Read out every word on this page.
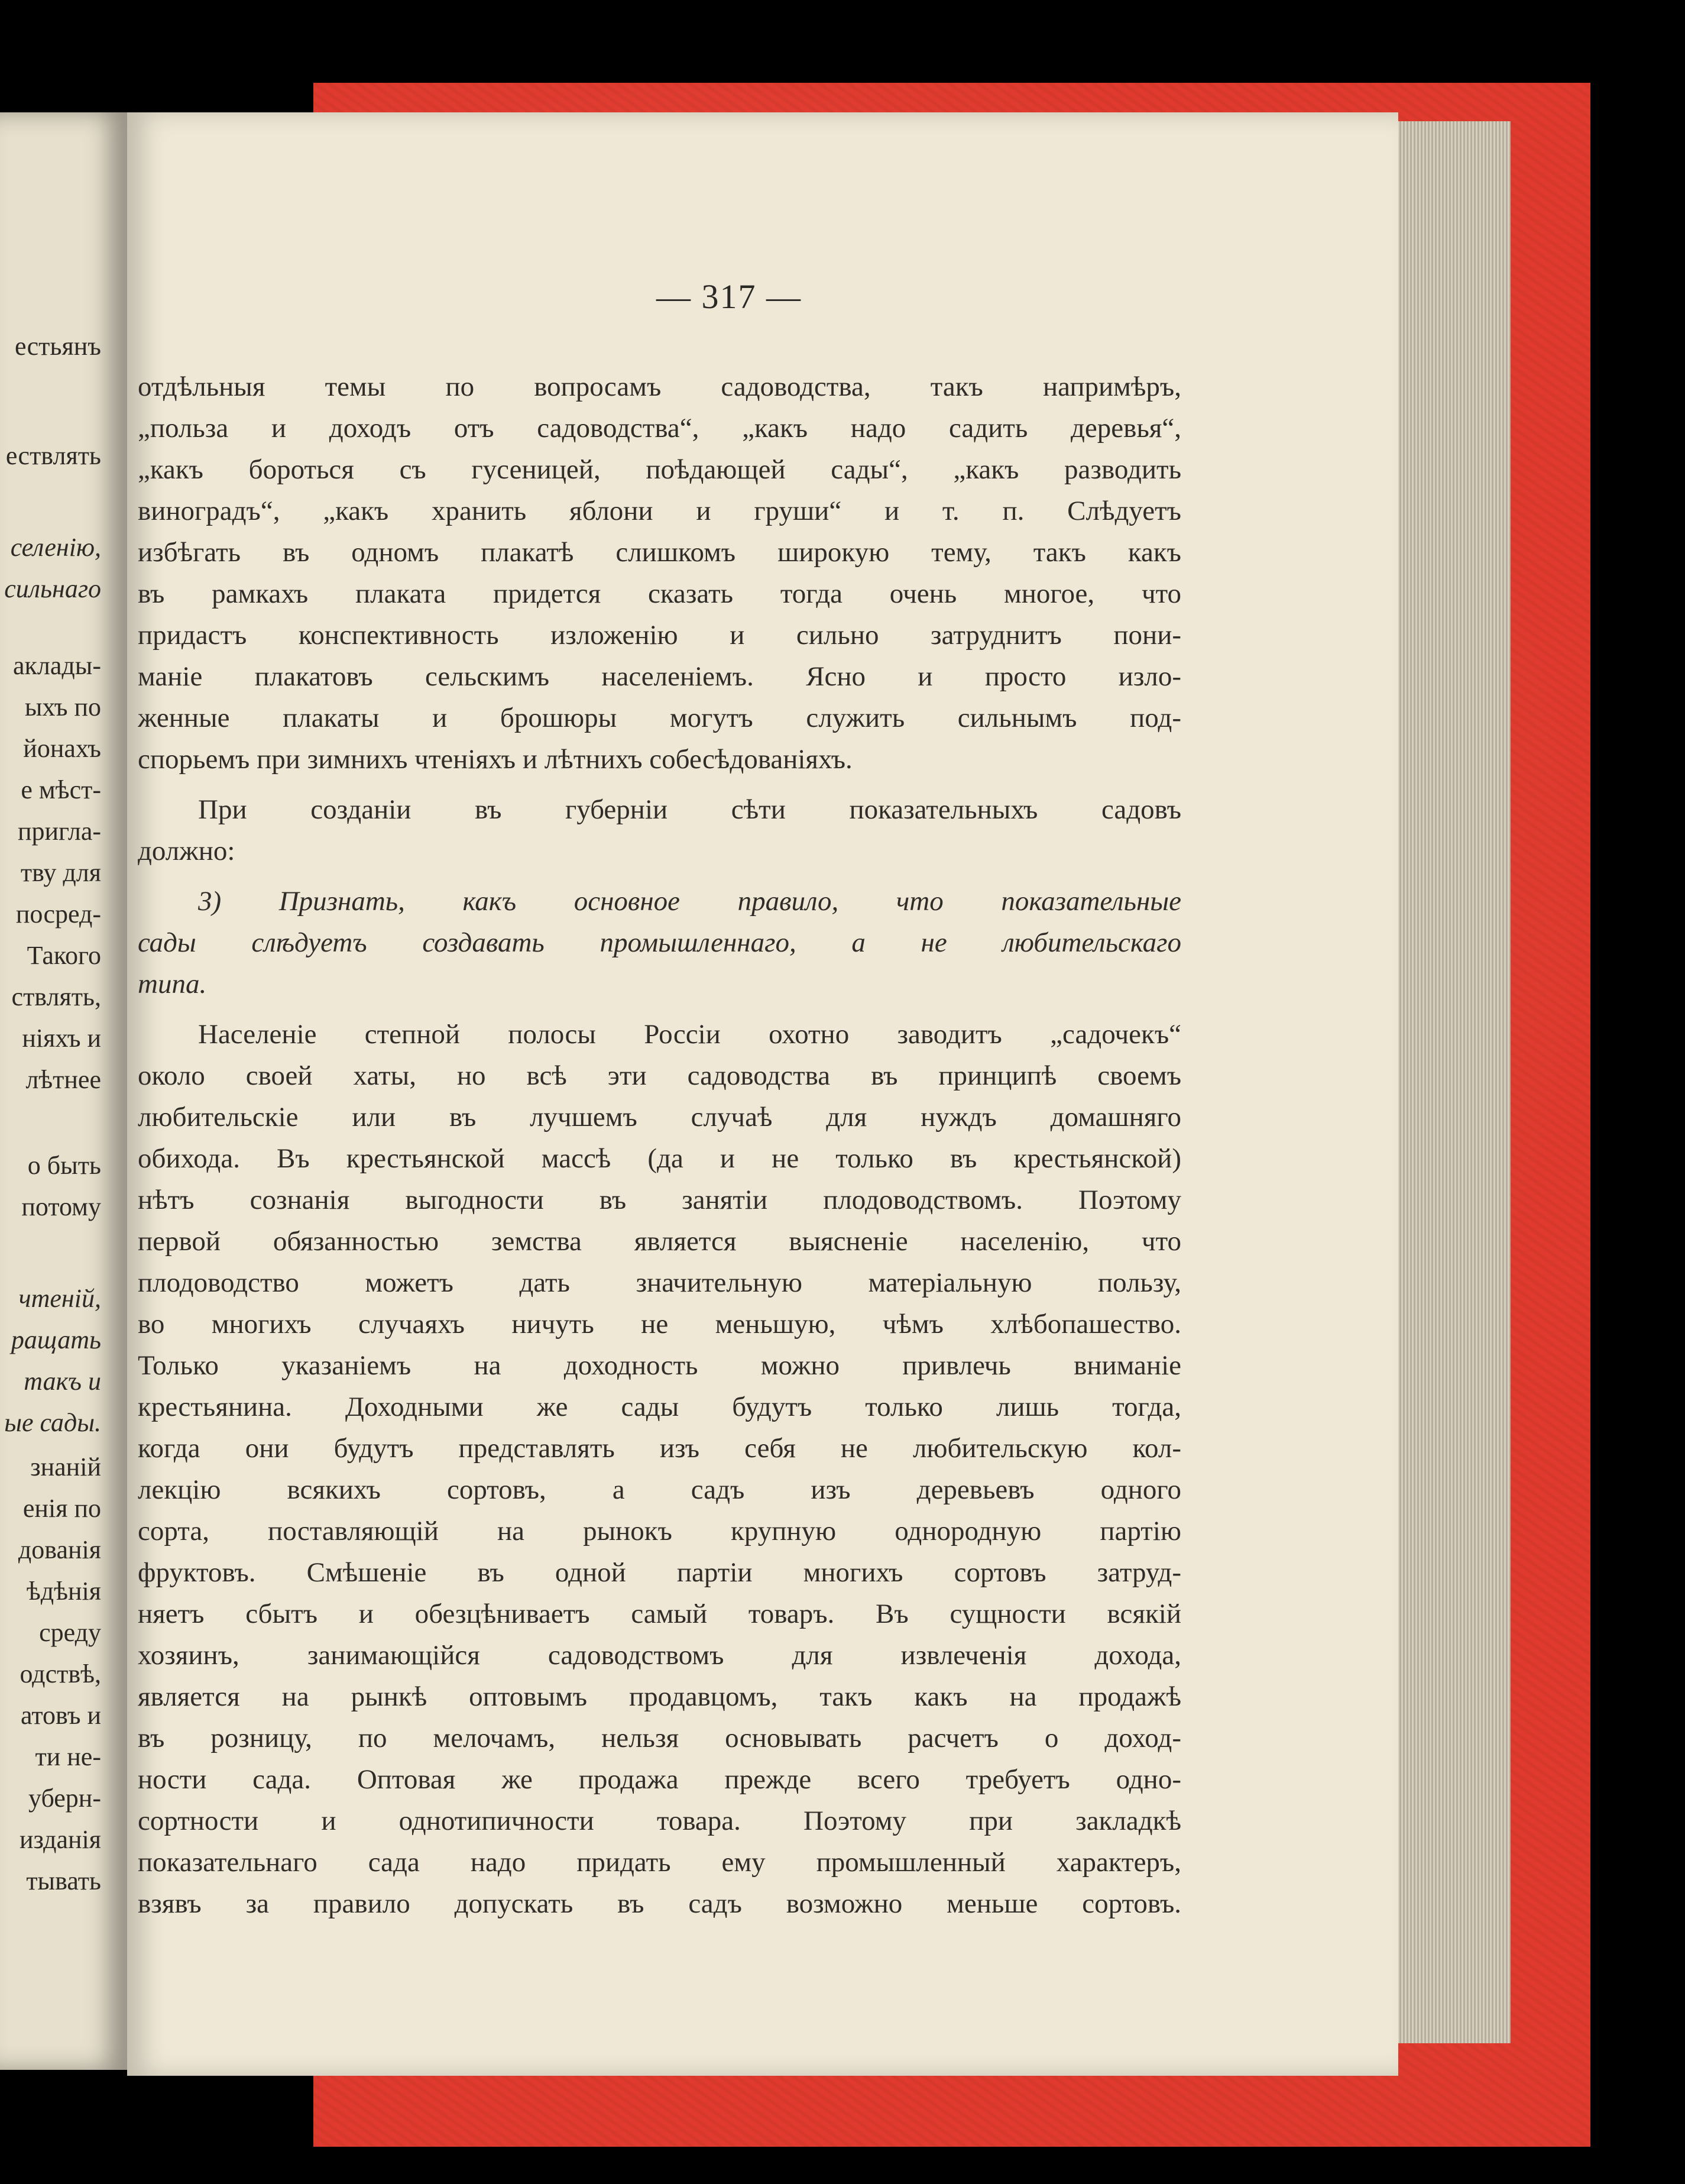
естьянъ
ествлять
селенію,
сильнаго
аклады-
ыхъ по
йонахъ
е мѣст-
пригла-
тву для
посред-
Такого
ствлять,
ніяхъ и
лѣтнее
о быть
потому
чтеній,
ращать
такъ и
ые сады.
знаній
енія по
дованія
ѣдѣнія
среду
одствѣ,
атовъ и
ти не-
уберн-
изданія
тывать
— 317 —
отдѣльныя темы по вопросамъ садоводства, такъ напримѣръ,
„польза и доходъ отъ садоводства“, „какъ надо садить деревья“,
„какъ бороться съ гусеницей, поѣдающей сады“, „какъ разводить
виноградъ“, „какъ хранить яблони и груши“ и т. п. Слѣдуетъ
избѣгать въ одномъ плакатѣ слишкомъ широкую тему, такъ какъ
въ рамкахъ плаката придется сказать тогда очень многое, что
придастъ конспективность изложенію и сильно затруднитъ пони-
маніе плакатовъ сельскимъ населеніемъ. Ясно и просто изло-
женные плакаты и брошюры могутъ служить сильнымъ под-
спорьемъ при зимнихъ чтеніяхъ и лѣтнихъ собесѣдованіяхъ.
При созданіи въ губерніи сѣти показательныхъ садовъ
должно:
3) Признать, какъ основное правило, что показательные
сады слѣдуетъ создавать промышленнаго, а не любительскаго
типа.
Населеніе степной полосы Россіи охотно заводитъ „садочекъ“
около своей хаты, но всѣ эти садоводства въ принципѣ своемъ
любительскіе или въ лучшемъ случаѣ для нуждъ домашняго
обихода. Въ крестьянской массѣ (да и не только въ крестьянской)
нѣтъ сознанія выгодности въ занятіи плодоводствомъ. Поэтому
первой обязанностью земства является выясненіе населенію, что
плодоводство можетъ дать значительную матеріальную пользу,
во многихъ случаяхъ ничуть не меньшую, чѣмъ хлѣбопашество.
Только указаніемъ на доходность можно привлечь вниманіе
крестьянина. Доходными же сады будутъ только лишь тогда,
когда они будутъ представлять изъ себя не любительскую кол-
лекцію всякихъ сортовъ, а садъ изъ деревьевъ одного
сорта, поставляющій на рынокъ крупную однородную партію
фруктовъ. Смѣшеніе въ одной партіи многихъ сортовъ затруд-
няетъ сбытъ и обезцѣниваетъ самый товаръ. Въ сущности всякій
хозяинъ, занимающійся садоводствомъ для извлеченія дохода,
является на рынкѣ оптовымъ продавцомъ, такъ какъ на продажѣ
въ розницу, по мелочамъ, нельзя основывать расчетъ о доход-
ности сада. Оптовая же продажа прежде всего требуетъ одно-
сортности и однотипичности товара. Поэтому при закладкѣ
показательнаго сада надо придать ему промышленный характеръ,
взявъ за правило допускать въ садъ возможно меньше сортовъ.
